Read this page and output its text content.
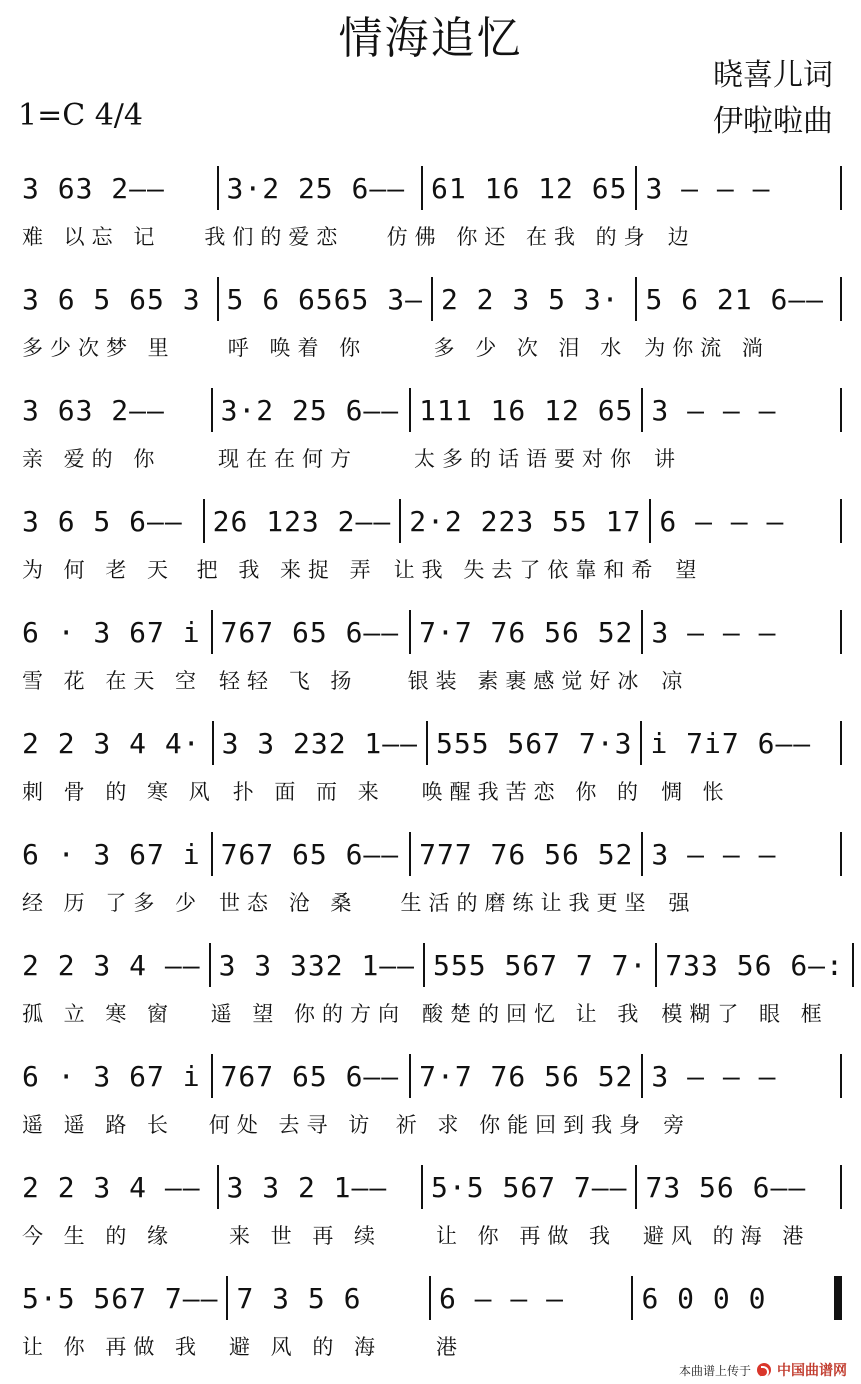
情海追忆
晓喜儿词
伊啦啦曲
1=C 4/4
3 63 2—— 3·2 25 6—— 61 16 12 65 3 — — —
难 以忘 记	我们的爱恋	仿佛 你还 在我 的身 边
3 6 5 65 3 5 6 6565 3— 2 2 3 5 3· 5 6 21 6——
多少次梦 里	呼 唤着 你	多 少 次 泪 水 为你流 淌
3 63 2—— 3·2 25 6—— 111 16 12 65 3 — — —
亲 爱的 你	现在在何方	太多的话语要对你 讲
3 6 5 6—— 26 123 2—— 2·2 223 55 17 6 — — —
为 何 老 天	把 我 来捉 弄 让我 失去了依靠和希 望
6 · 3 67 i 767 65 6—— 7·7 76 56 52 3 — — —
雪 花 在天 空 轻轻 飞 扬	银装 素裹感觉好冰 凉
2 2 3 4 4· 3 3 232 1—— 555 567 7·3 i 7i7 6——
刺 骨 的 寒 风 扑 面 而 来	唤醒我苦恋 你 的 惆 怅
6 · 3 67 i 767 65 6—— 777 76 56 52 3 — — —
经 历 了多 少 世态 沧 桑	生活的磨练让我更坚 强
2 2 3 4 —— 3 3 332 1—— 555 567 7 7· 733 56 6—:
孤 立 寒 窗	遥 望 你的方向 酸楚的回忆 让 我 模糊了 眼 框
6 · 3 67 i 767 65 6—— 7·7 76 56 52 3 — — —
遥 遥 路 长	何处 去寻 访 祈 求 你能回到我身 旁
2 2 3 4 —— 3 3 2 1—— 5·5 567 7—— 73 56 6——
今 生 的 缘	来 世 再 续	让 你 再做 我	避风 的海 港
5·5 567 7—— 7 3 5 6	6 — — —	6 0 0 0
让 你 再做 我	避 风 的 海	港
本曲谱上传于 中国曲谱网
